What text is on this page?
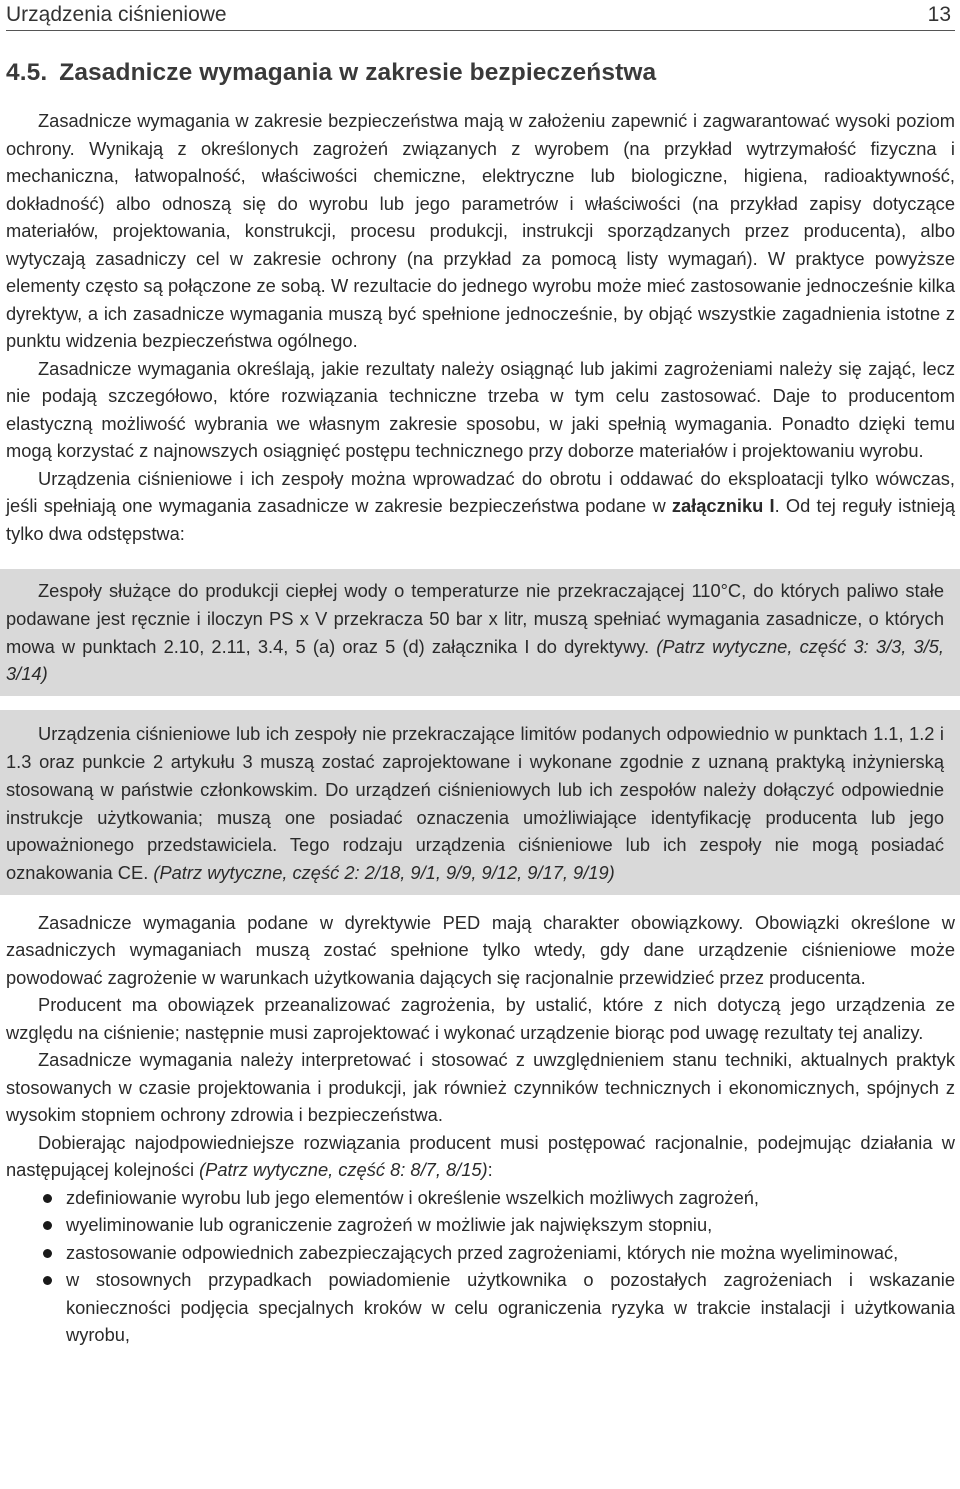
Urządzenia ciśnieniowe	13
4.5. Zasadnicze wymagania w zakresie bezpieczeństwa

Zasadnicze wymagania w zakresie bezpieczeństwa mają w założeniu zapewnić i zagwarantować wysoki poziom ochrony. Wynikają z określonych zagrożeń związanych z wyrobem (na przykład wytrzymałość fizyczna i mechaniczna, łatwopalność, właściwości chemiczne, elektryczne lub biologiczne, higiena, radioaktywność, dokładność) albo odnoszą się do wyrobu lub jego parametrów i właściwości (na przykład zapisy dotyczące materiałów, projektowania, konstrukcji, procesu produkcji, instrukcji sporządzanych przez producenta), albo wytyczają zasadniczy cel w zakresie ochrony (na przykład za pomocą listy wymagań). W praktyce powyższe elementy często są połączone ze sobą. W rezultacie do jednego wyrobu może mieć zastosowanie jednocześnie kilka dyrektyw, a ich zasadnicze wymagania muszą być spełnione jednocześnie, by objąć wszystkie zagadnienia istotne z punktu widzenia bezpieczeństwa ogólnego.

Zasadnicze wymagania określają, jakie rezultaty należy osiągnąć lub jakimi zagrożeniami należy się zająć, lecz nie podają szczegółowo, które rozwiązania techniczne trzeba w tym celu zastosować. Daje to producentom elastyczną możliwość wybrania we własnym zakresie sposobu, w jaki spełnią wymagania. Ponadto dzięki temu mogą korzystać z najnowszych osiągnięć postępu technicznego przy doborze materiałów i projektowaniu wyrobu.

Urządzenia ciśnieniowe i ich zespoły można wprowadzać do obrotu i oddawać do eksploatacji tylko wówczas, jeśli spełniają one wymagania zasadnicze w zakresie bezpieczeństwa podane w załączniku I. Od tej reguły istnieją tylko dwa odstępstwa:

Zespoły służące do produkcji ciepłej wody o temperaturze nie przekraczającej 110°C, do których paliwo stałe podawane jest ręcznie i iloczyn PS x V przekracza 50 bar x litr, muszą spełniać wymagania zasadnicze, o których mowa w punktach 2.10, 2.11, 3.4, 5 (a) oraz 5 (d) załącznika I do dyrektywy. (Patrz wytyczne, część 3: 3/3, 3/5, 3/14)

Urządzenia ciśnieniowe lub ich zespoły nie przekraczające limitów podanych odpowiednio w punktach 1.1, 1.2 i 1.3 oraz punkcie 2 artykułu 3 muszą zostać zaprojektowane i wykonane zgodnie z uznaną praktyką inżynierską stosowaną w państwie członkowskim. Do urządzeń ciśnieniowych lub ich zespołów należy dołączyć odpowiednie instrukcje użytkowania; muszą one posiadać oznaczenia umożliwiające identyfikację producenta lub jego upoważnionego przedstawiciela. Tego rodzaju urządzenia ciśnieniowe lub ich zespoły nie mogą posiadać oznakowania CE. (Patrz wytyczne, część 2: 2/18, 9/1, 9/9, 9/12, 9/17, 9/19)

Zasadnicze wymagania podane w dyrektywie PED mają charakter obowiązkowy. Obowiązki określone w zasadniczych wymaganiach muszą zostać spełnione tylko wtedy, gdy dane urządzenie ciśnieniowe może powodować zagrożenie w warunkach użytkowania dających się racjonalnie przewidzieć przez producenta.

Producent ma obowiązek przeanalizować zagrożenia, by ustalić, które z nich dotyczą jego urządzenia ze względu na ciśnienie; następnie musi zaprojektować i wykonać urządzenie biorąc pod uwagę rezultaty tej analizy.

Zasadnicze wymagania należy interpretować i stosować z uwzględnieniem stanu techniki, aktualnych praktyk stosowanych w czasie projektowania i produkcji, jak również czynników technicznych i ekonomicznych, spójnych z wysokim stopniem ochrony zdrowia i bezpieczeństwa.

Dobierając najodpowiedniejsze rozwiązania producent musi postępować racjonalnie, podejmując działania w następującej kolejności (Patrz wytyczne, część 8: 8/7, 8/15):

zdefiniowanie wyrobu lub jego elementów i określenie wszelkich możliwych zagrożeń,
wyeliminowanie lub ograniczenie zagrożeń w możliwie jak największym stopniu,
zastosowanie odpowiednich zabezpieczających przed zagrożeniami, których nie można wyeliminować,
w stosownych przypadkach powiadomienie użytkownika o pozostałych zagrożeniach i wskazanie konieczności podjęcia specjalnych kroków w celu ograniczenia ryzyka w trakcie instalacji i użytkowania wyrobu,
